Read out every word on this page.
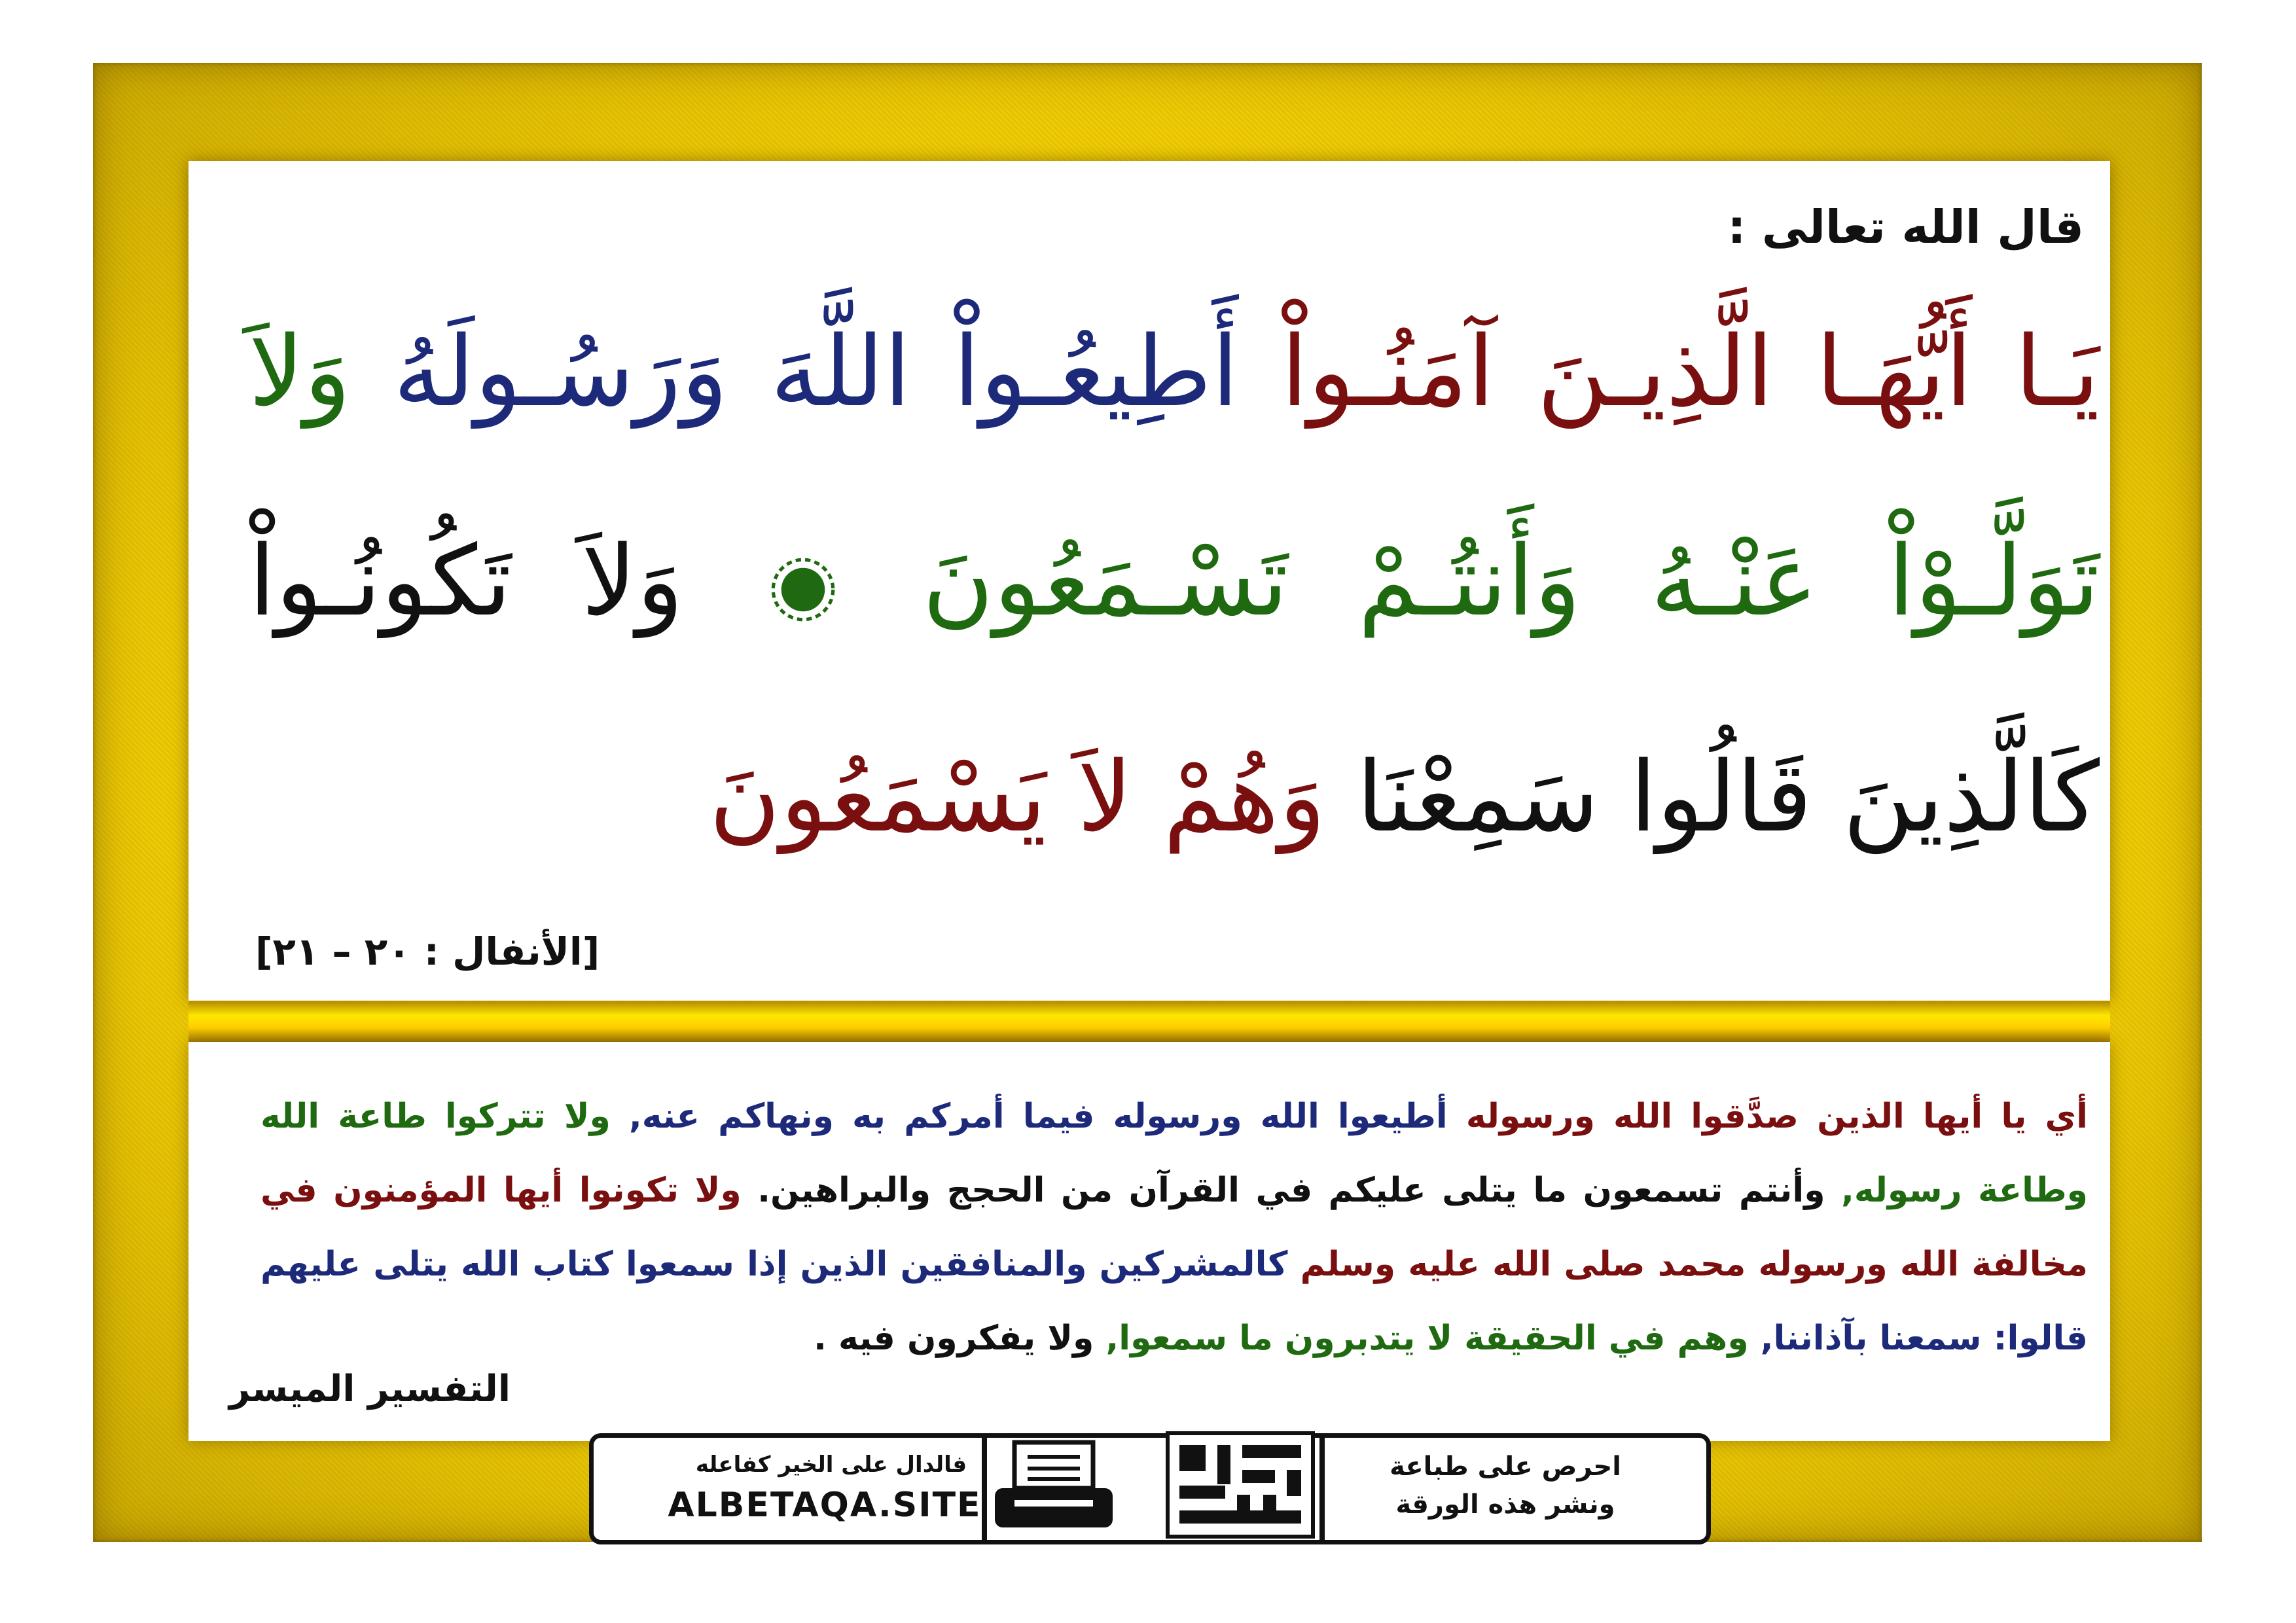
قال الله تعالى :
يَـا أَيُّهَـا الَّذِيـنَ آمَنُـواْ أَطِيعُـواْ اللَّهَ وَرَسُـولَهُ وَلاَ
تَوَلَّـوْاْ عَنْـهُ وَأَنتُـمْ تَسْـمَعُونَ  وَلاَ تَكُونُـواْ
كَالَّذِينَ قَالُوا سَمِعْنَا وَهُمْ لاَ يَسْمَعُونَ
[الأنفال : ٢٠ – ٢١]
أي يا أيها الذين صدَّقوا الله ورسوله أطيعوا الله ورسوله فيما أمركم به ونهاكم عنه, ولا تتركوا طاعة الله وطاعة رسوله, وأنتم تسمعون ما يتلى عليكم في القرآن من الحجج والبراهين. ولا تكونوا أيها المؤمنون في مخالفة الله ورسوله محمد صلى الله عليه وسلم كالمشركين والمنافقين الذين إذا سمعوا كتاب الله يتلى عليهم قالوا: سمعنا بآذاننا, وهم في الحقيقة لا يتدبرون ما سمعوا, ولا يفكرون فيه .
التفسير الميسر
فالدال على الخير كفاعله
ALBETAQA.SITE
احرص على طباعة
ونشر هذه الورقة
